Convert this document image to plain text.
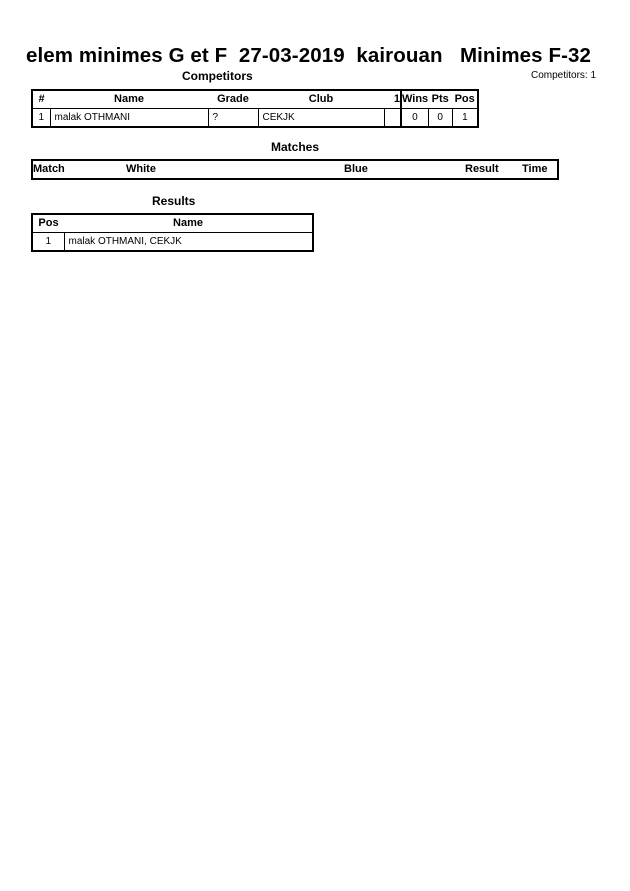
elem minimes G et F  27-03-2019  kairouan   Minimes F-32
Competitors	Competitors: 1
#	Name	Grade	Club	1	Wins	Pts	Pos
1	malak OTHMANI	?	CEKJK		0	0	1
Matches
Match	White	Blue	Result	Time
Results
Pos	Name
1	malak OTHMANI, CEKJK
